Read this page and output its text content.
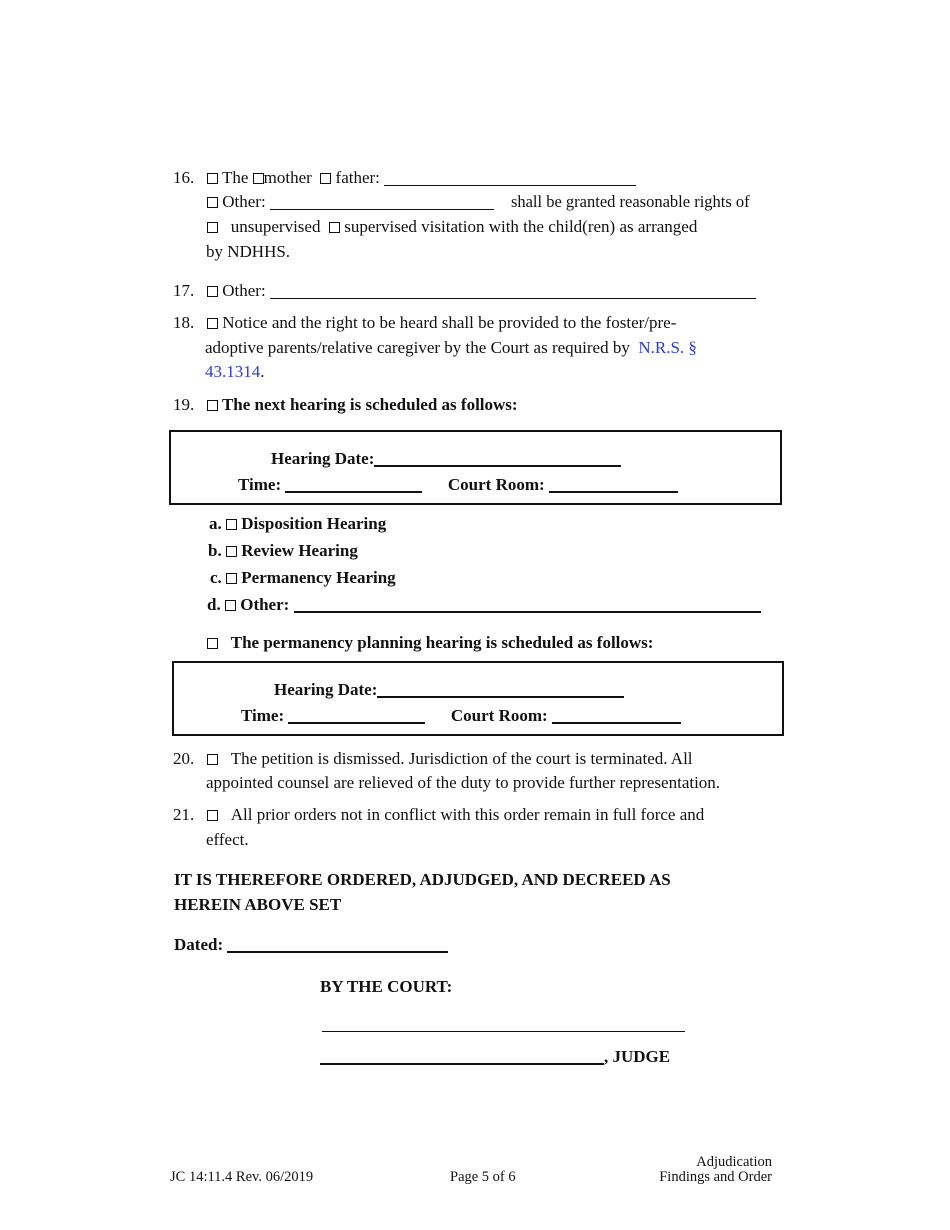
16.	The mother father:
Other:	shall be granted reasonable rights of
unsupervised supervised visitation with the child(ren) as arranged
by NDHHS.
17.	Other:
18.	Notice and the right to be heard shall be provided to the foster/pre-
adoptive parents/relative caregiver by the Court as required by N.R.S. §
43.1314.
19.	The next hearing is scheduled as follows:
Hearing Date:
Time:	Court Room:
a. Disposition Hearing
b. Review Hearing
c. Permanency Hearing
d. Other:
The permanency planning hearing is scheduled as follows:
Hearing Date:
Time:	Court Room:
20.	The petition is dismissed. Jurisdiction of the court is terminated. All
appointed counsel are relieved of the duty to provide further representation.
21.	All prior orders not in conflict with this order remain in full force and
effect.
IT IS THEREFORE ORDERED, ADJUDGED, AND DECREED AS
HEREIN ABOVE SET
Dated:
BY THE COURT:
, JUDGE
JC 14:11.4 Rev. 06/2019	Page 5 of 6
Adjudication
Findings and Order
